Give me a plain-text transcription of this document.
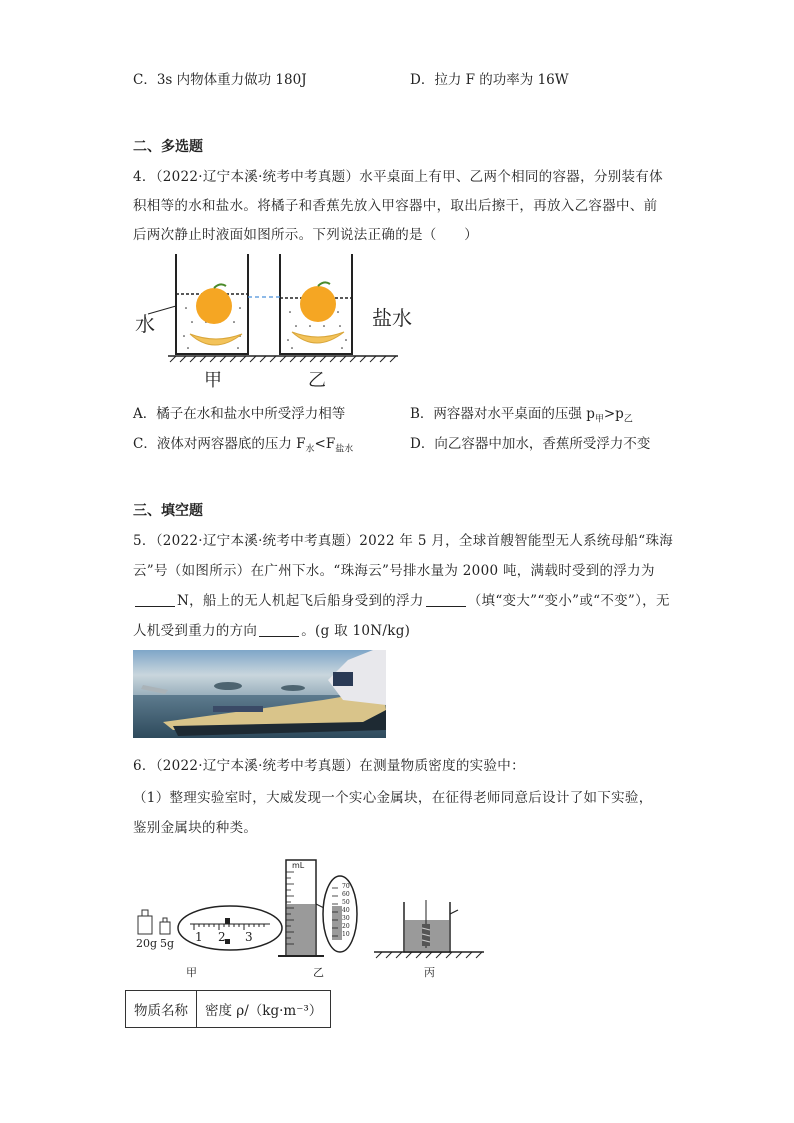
C．3s 内物体重力做功 180J	D．拉力 F 的功率为 16W
二、多选题
4．（2022·辽宁本溪·统考中考真题）水平桌面上有甲、乙两个相同的容器，分别装有体
积相等的水和盐水。将橘子和香蕉先放入甲容器中，取出后擦干，再放入乙容器中、前
后两次静止时液面如图所示。下列说法正确的是（　　）
水	盐水
甲	乙
A．橘子在水和盐水中所受浮力相等	B．两容器对水平桌面的压强 $p_甲>p_乙$
C．液体对两容器底的压力 $F_水<F_{盐水}$	D．向乙容器中加水，香蕉所受浮力不变
三、填空题
5．（2022·辽宁本溪·统考中考真题）2022 年 5 月，全球首艘智能型无人系统母船“珠海
云”号（如图所示）在广州下水。“珠海云”号排水量为 2000 吨，满载时受到的浮力为
N，船上的无人机起飞后船身受到的浮力	（填“变大”“变小”或“不变”），无
人机受到重力的方向	。(g 取 10N/kg)
6．（2022·辽宁本溪·统考中考真题）在测量物质密度的实验中：
（1）整理实验室时，大威发现一个实心金属块，在征得老师同意后设计了如下实验，
鉴别金属块的种类。
20g 5g 1 2 3
mL
70
60
50
40
30
20
10
甲	乙	丙
物质名称	密度 ρ/（kg·m⁻³）
